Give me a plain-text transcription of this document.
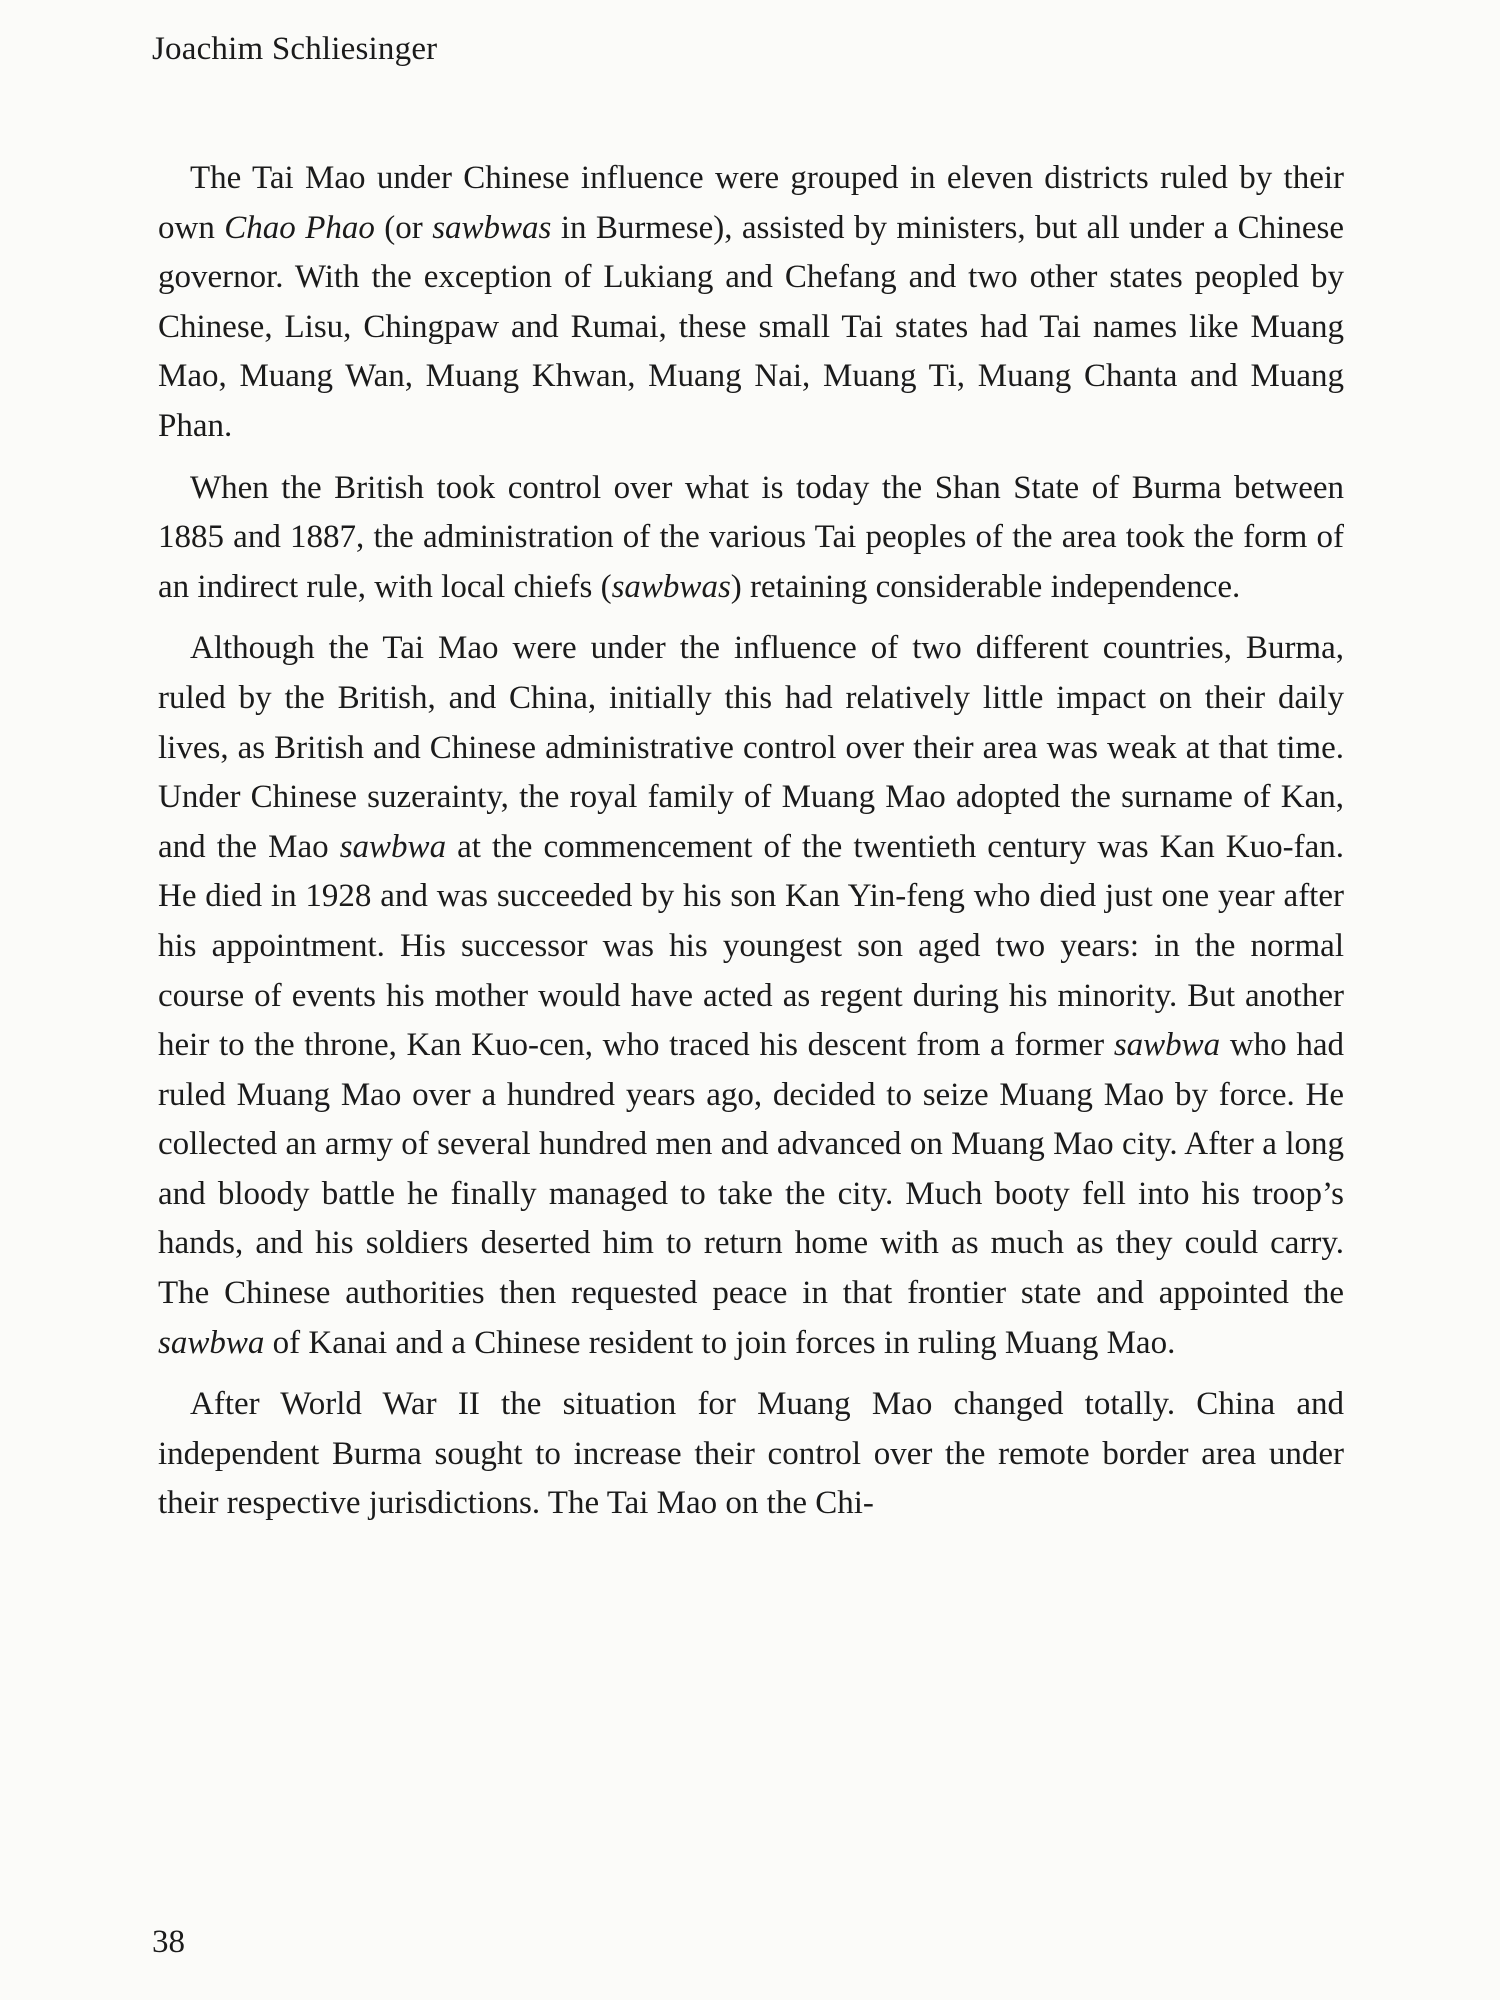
Joachim Schliesinger

The Tai Mao under Chinese influence were grouped in eleven districts ruled by their own Chao Phao (or sawbwas in Burmese), assisted by ministers, but all under a Chinese governor. With the exception of Lukiang and Chefang and two other states peopled by Chinese, Lisu, Chingpaw and Rumai, these small Tai states had Tai names like Muang Mao, Muang Wan, Muang Khwan, Muang Nai, Muang Ti, Muang Chanta and Muang Phan.

When the British took control over what is today the Shan State of Burma between 1885 and 1887, the administration of the various Tai peoples of the area took the form of an indirect rule, with local chiefs (sawbwas) retaining considerable independence.

Although the Tai Mao were under the influence of two different countries, Burma, ruled by the British, and China, initially this had relatively little impact on their daily lives, as British and Chinese administrative control over their area was weak at that time. Under Chinese suzerainty, the royal family of Muang Mao adopted the surname of Kan, and the Mao sawbwa at the commencement of the twentieth century was Kan Kuo-fan. He died in 1928 and was succeeded by his son Kan Yin-feng who died just one year after his appointment. His successor was his youngest son aged two years: in the normal course of events his mother would have acted as regent during his minority. But another heir to the throne, Kan Kuo-cen, who traced his descent from a former sawbwa who had ruled Muang Mao over a hundred years ago, decided to seize Muang Mao by force. He collected an army of several hundred men and advanced on Muang Mao city. After a long and bloody battle he finally managed to take the city. Much booty fell into his troop’s hands, and his soldiers deserted him to return home with as much as they could carry. The Chinese authorities then requested peace in that frontier state and appointed the sawbwa of Kanai and a Chinese resident to join forces in ruling Muang Mao.

After World War II the situation for Muang Mao changed totally. China and independent Burma sought to increase their control over the remote border area under their respective jurisdictions. The Tai Mao on the Chi-

38
